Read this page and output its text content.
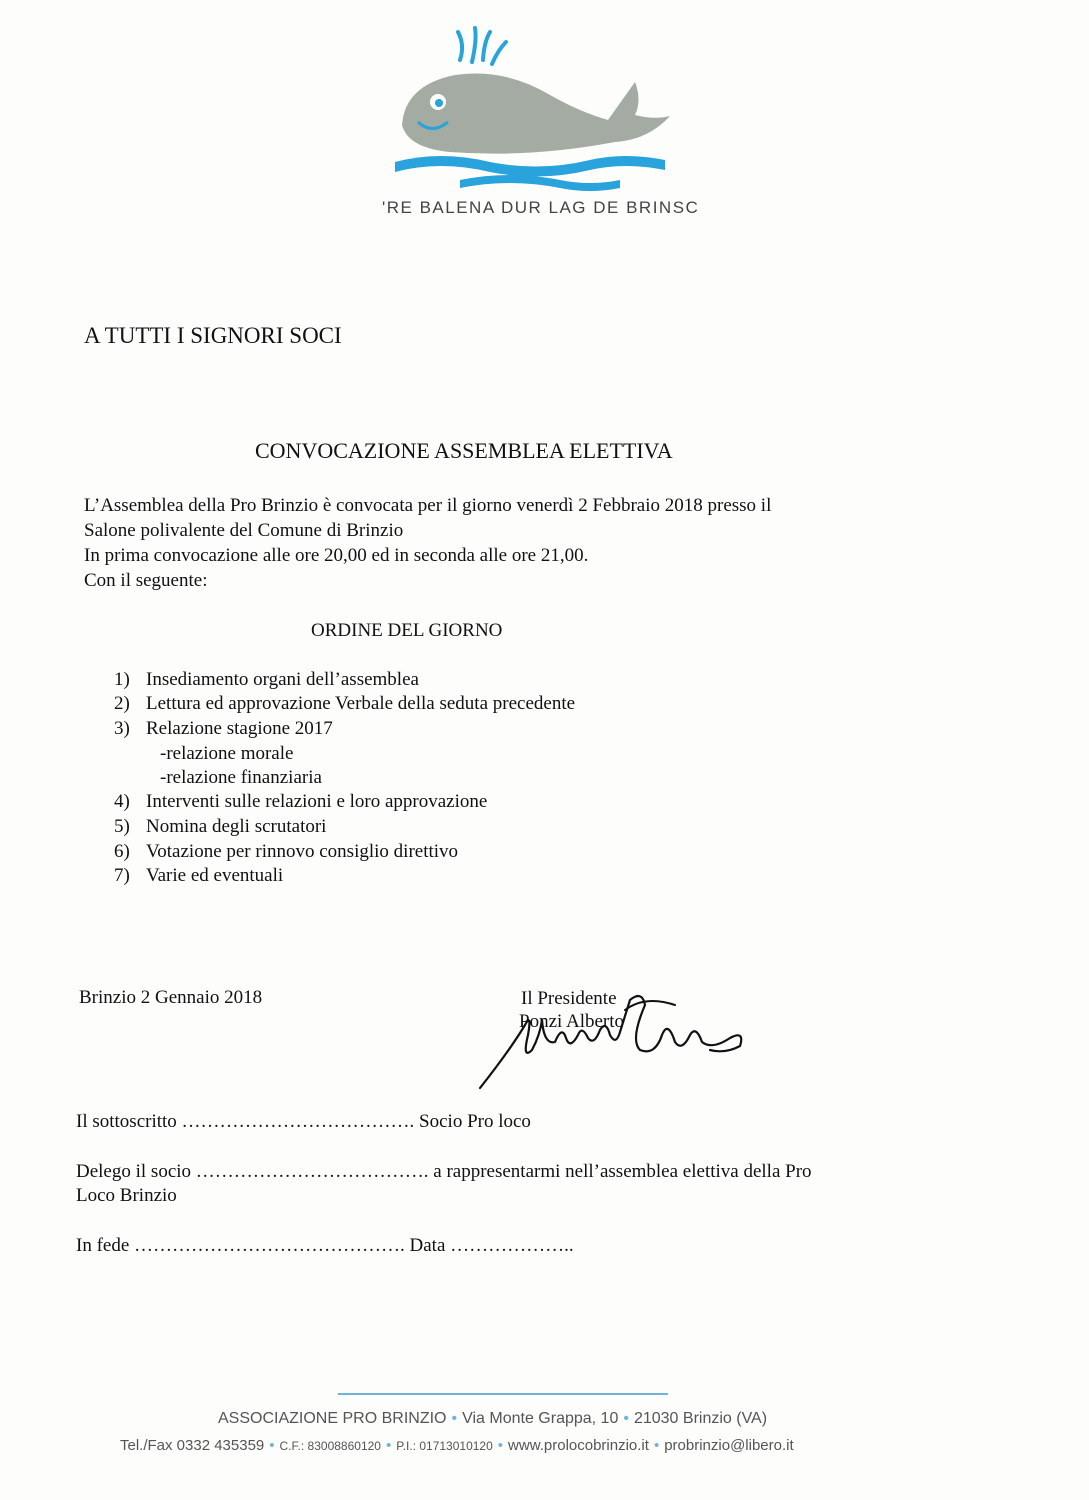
'RE BALENA DUR LAG DE BRINSC
A TUTTI I SIGNORI SOCI
CONVOCAZIONE ASSEMBLEA ELETTIVA
L’Assemblea della Pro Brinzio è convocata per il giorno venerdì 2 Febbraio 2018 presso il
Salone polivalente del Comune di Brinzio
In prima convocazione alle ore 20,00 ed in seconda alle ore 21,00.
Con il seguente:
ORDINE DEL GIORNO
1) Insediamento organi dell’assemblea
2) Lettura ed approvazione Verbale della seduta precedente
3) Relazione stagione 2017
-relazione morale
-relazione finanziaria
4) Interventi sulle relazioni e loro approvazione
5) Nomina degli scrutatori
6) Votazione per rinnovo consiglio direttivo
7) Varie ed eventuali
Brinzio 2 Gennaio 2018	Il Presidente
Ponzi Alberto
Il sottoscritto ………………………………. Socio Pro loco
Delego il socio ………………………………. a rappresentarmi nell’assemblea elettiva della Pro
Loco Brinzio
In fede ……………………………………. Data ………………..
ASSOCIAZIONE PRO BRINZIO • Via Monte Grappa, 10 • 21030 Brinzio (VA)
Tel./Fax 0332 435359 • C.F.: 83008860120 • P.I.: 01713010120 • www.prolocobrinzio.it • probrinzio@libero.it
